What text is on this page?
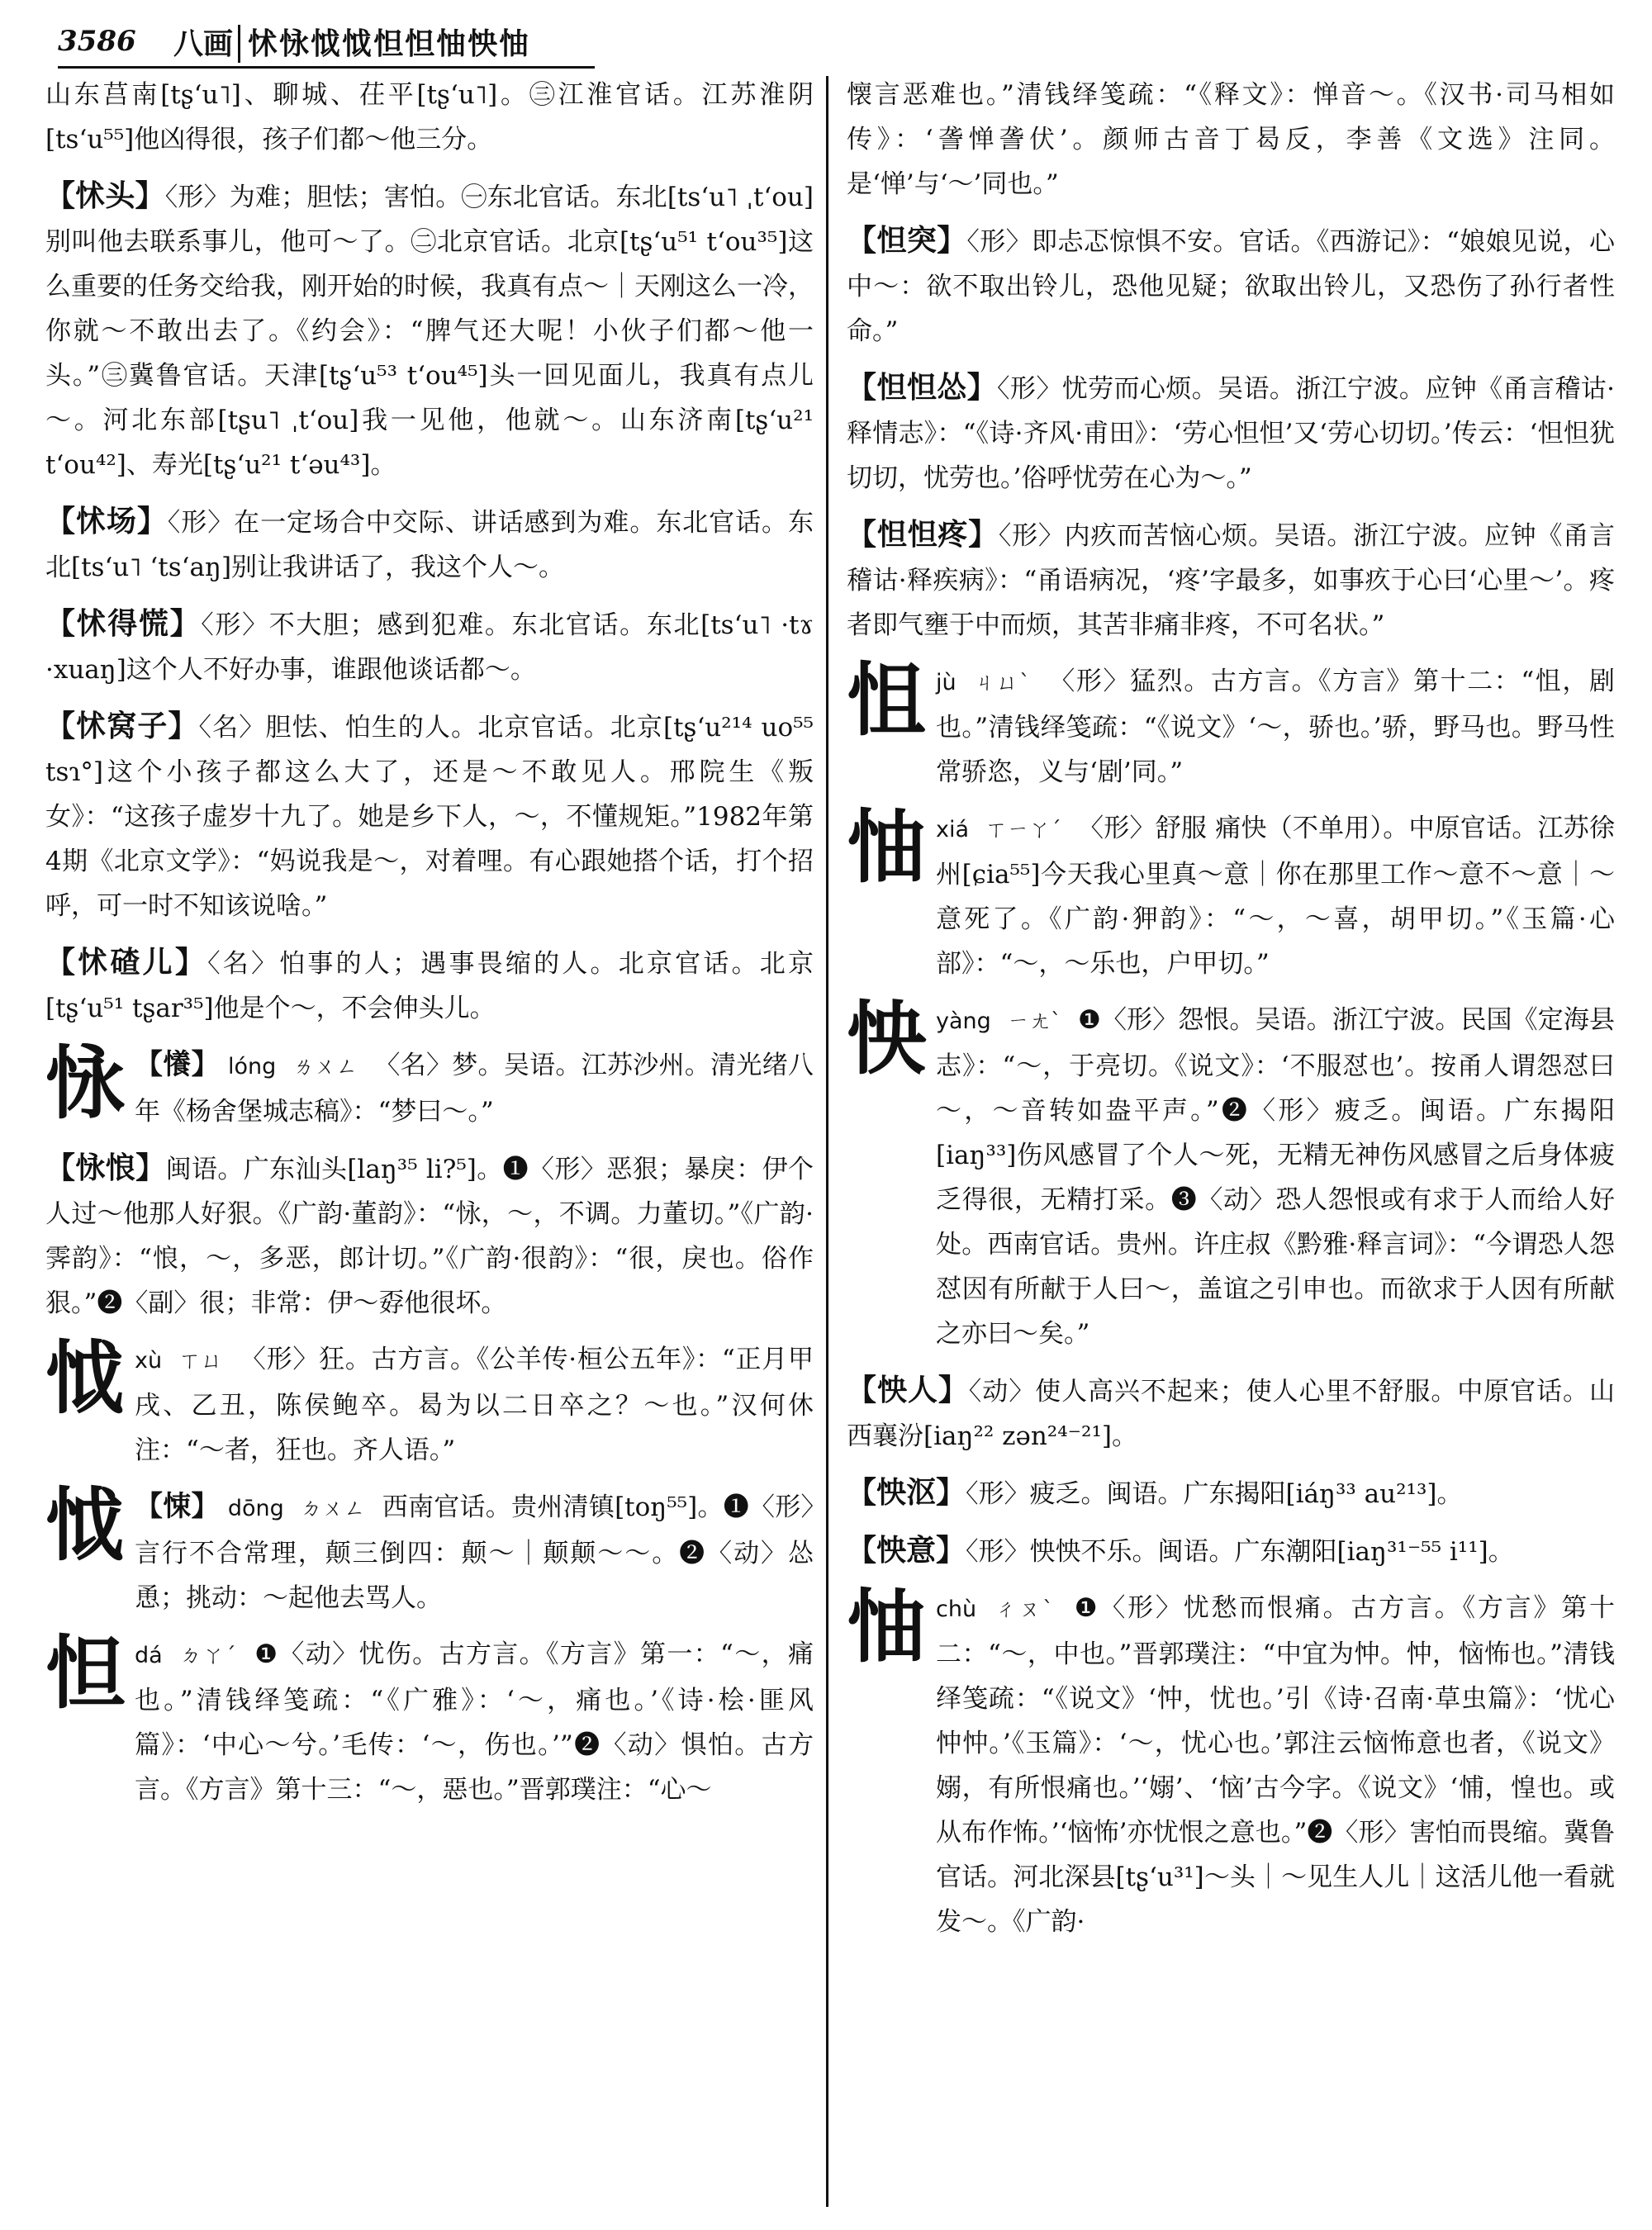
3586	八画 怵怺怴怴怛怛怞怏怞

山东莒南[tʂ‘u˥]、聊城、茌平[tʂ‘u˥]。㊂江淮官话。江苏淮阴[ts‘u⁵⁵]他凶得很，孩子们都～他三分。

【怵头】〈形〉为难；胆怯；害怕。㊀东北官话。东北[ts‘u˥ ˌt‘ou]别叫他去联系事儿，他可～了。㊁北京官话。北京[tʂ‘u⁵¹ t‘ou³⁵]这么重要的任务交给我，刚开始的时候，我真有点～｜天刚这么一冷，你就～不敢出去了。《约会》：“脾气还大呢！小伙子们都～他一头。”㊂冀鲁官话。天津[tʂ‘u⁵³ t‘ou⁴⁵]头一回见面儿，我真有点儿～。河北东部[tʂu˥ ˌt‘ou]我一见他，他就～。山东济南[tʂ‘u²¹ t‘ou⁴²]、寿光[tʂ‘u²¹ t‘əu⁴³]。
【怵场】〈形〉在一定场合中交际、讲话感到为难。东北官话。东北[ts‘u˥ ‘ts‘aŋ]别让我讲话了，我这个人～。
【怵得慌】〈形〉不大胆；感到犯难。东北官话。东北[ts‘u˥ ·tɤ ·xuaŋ]这个人不好办事，谁跟他谈话都～。
【怵窝子】〈名〉胆怯、怕生的人。北京官话。北京[tʂ‘u²¹⁴ uo⁵⁵ tsɿ°]这个小孩子都这么大了，还是～不敢见人。邢院生《叛女》：“这孩子虚岁十九了。她是乡下人，～，不懂规矩。”1982年第4期《北京文学》：“妈说我是～，对着哩。有心跟她搭个话，打个招呼，可一时不知该说啥。”
【怵碴儿】〈名〉怕事的人；遇事畏缩的人。北京官话。北京[tʂ‘u⁵¹ tʂar³⁵]他是个～，不会伸头儿。
怺 【懩】 lóng ㄌㄨㄥ 〈名〉梦。吴语。江苏沙州。清光绪八年《杨舍堡城志稿》：“梦曰～。”
【怺悢】闽语。广东汕头[laŋ³⁵ li?⁵]。❶〈形〉恶狠；暴戾：伊个人过～他那人好狠。《广韵·董韵》：“怺，～，不调。力董切。”《广韵·霁韵》：“悢，～，多恶，郎计切。”《广韵·很韵》：“很，戾也。俗作狠。”❷〈副〉很；非常：伊～孬他很坏。
怴 xù ㄒㄩ 〈形〉狂。古方言。《公羊传·桓公五年》：“正月甲戌、乙丑，陈侯鲍卒。曷为以二日卒之？～也。”汉何休注：“～者，狂也。齐人语。”
怴 【悚】 dōng ㄉㄨㄥ 西南官话。贵州清镇[toŋ⁵⁵]。❶〈形〉言行不合常理，颠三倒四：颠～｜颠颠～～。❷〈动〉怂恿；挑动：～起他去骂人。
怛 dá ㄉㄚˊ ❶〈动〉忧伤。古方言。《方言》第一：“～，痛也。”清钱绎笺疏：“《广雅》：‘～，痛也。’《诗·桧·匪风篇》：‘中心～兮。’毛传：‘～，伤也。’”❷〈动〉惧怕。古方言。《方言》第十三：“～，惡也。”晋郭璞注：“心～

懐言恶难也。”清钱绎笺疏：“《释文》：惮音～。《汉书·司马相如传》：‘詟惮詟伏’。颜师古音丁曷反，李善《文选》注同。是‘惮’与‘～’同也。”

【怛突】〈形〉即忐忑惊惧不安。官话。《西游记》：“娘娘见说，心中～：欲不取出铃儿，恐他见疑；欲取出铃儿，又恐伤了孙行者性命。”
【怛怛怂】〈形〉忧劳而心烦。吴语。浙江宁波。应钟《甬言稽诂·释情志》：“《诗·齐风·甫田》：‘劳心怛怛’又‘劳心切切。’传云：‘怛怛犹切切，忧劳也。’俗呼忧劳在心为～。”
【怛怛疼】〈形〉内疚而苦恼心烦。吴语。浙江宁波。应钟《甬言稽诂·释疾病》：“甬语病况，‘疼’字最多，如事疚于心曰‘心里～’。疼者即气壅于中而烦，其苦非痛非疼，不可名状。”
怚 jù ㄐㄩˋ 〈形〉猛烈。古方言。《方言》第十二：“怚，剧也。”清钱绎笺疏：“《说文》‘～，骄也。’骄，野马也。野马性常骄恣，义与‘剧’同。”
怞 xiá ㄒㄧㄚˊ 〈形〉舒服 痛快（不单用）。中原官话。江苏徐州[ɕia⁵⁵]今天我心里真～意｜你在那里工作～意不～意｜～意死了。《广韵·狎韵》：“～，～喜，胡甲切。”《玉篇·心部》：“～，～乐也，户甲切。”
怏 yàng ㄧㄤˋ ❶〈形〉怨恨。吴语。浙江宁波。民国《定海县志》：“～，于亮切。《说文》：‘不服怼也’。按甬人谓怨怼曰～，～音转如盎平声。”❷〈形〉疲乏。闽语。广东揭阳[iaŋ³³]伤风感冒了个人～死，无精无神伤风感冒之后身体疲乏得很，无精打采。❸〈动〉恐人怨恨或有求于人而给人好处。西南官话。贵州。许庄叔《黔雅·释言词》：“今谓恐人怨怼因有所献于人曰～，盖谊之引申也。而欲求于人因有所献之亦曰～矣。”
【怏人】〈动〉使人高兴不起来；使人心里不舒服。中原官话。山西襄汾[iaŋ²² zən²⁴⁻²¹]。
【怏沤】〈形〉疲乏。闽语。广东揭阳[iáŋ³³ au²¹³]。
【怏意】〈形〉怏怏不乐。闽语。广东潮阳[iaŋ³¹⁻⁵⁵ i¹¹]。
怞 chù ㄔㄡˋ ❶〈形〉忧愁而恨痛。古方言。《方言》第十二：“～，中也。”晋郭璞注：“中宜为忡。忡，恼怖也。”清钱绎笺疏：“《说文》‘忡，忧也。’引《诗·召南·草虫篇》：‘忧心忡忡。’《玉篇》：‘～，忧心也。’郭注云恼怖意也者，《说文》嫋，有所恨痛也。’‘嫋’、‘恼’古今字。《说文》‘悑，惶也。或从布作怖。’‘恼怖’亦忧恨之意也。”❷〈形〉害怕而畏缩。冀鲁官话。河北深县[tʂ‘u³¹]～头｜～见生人儿｜这活儿他一看就发～。《广韵·
